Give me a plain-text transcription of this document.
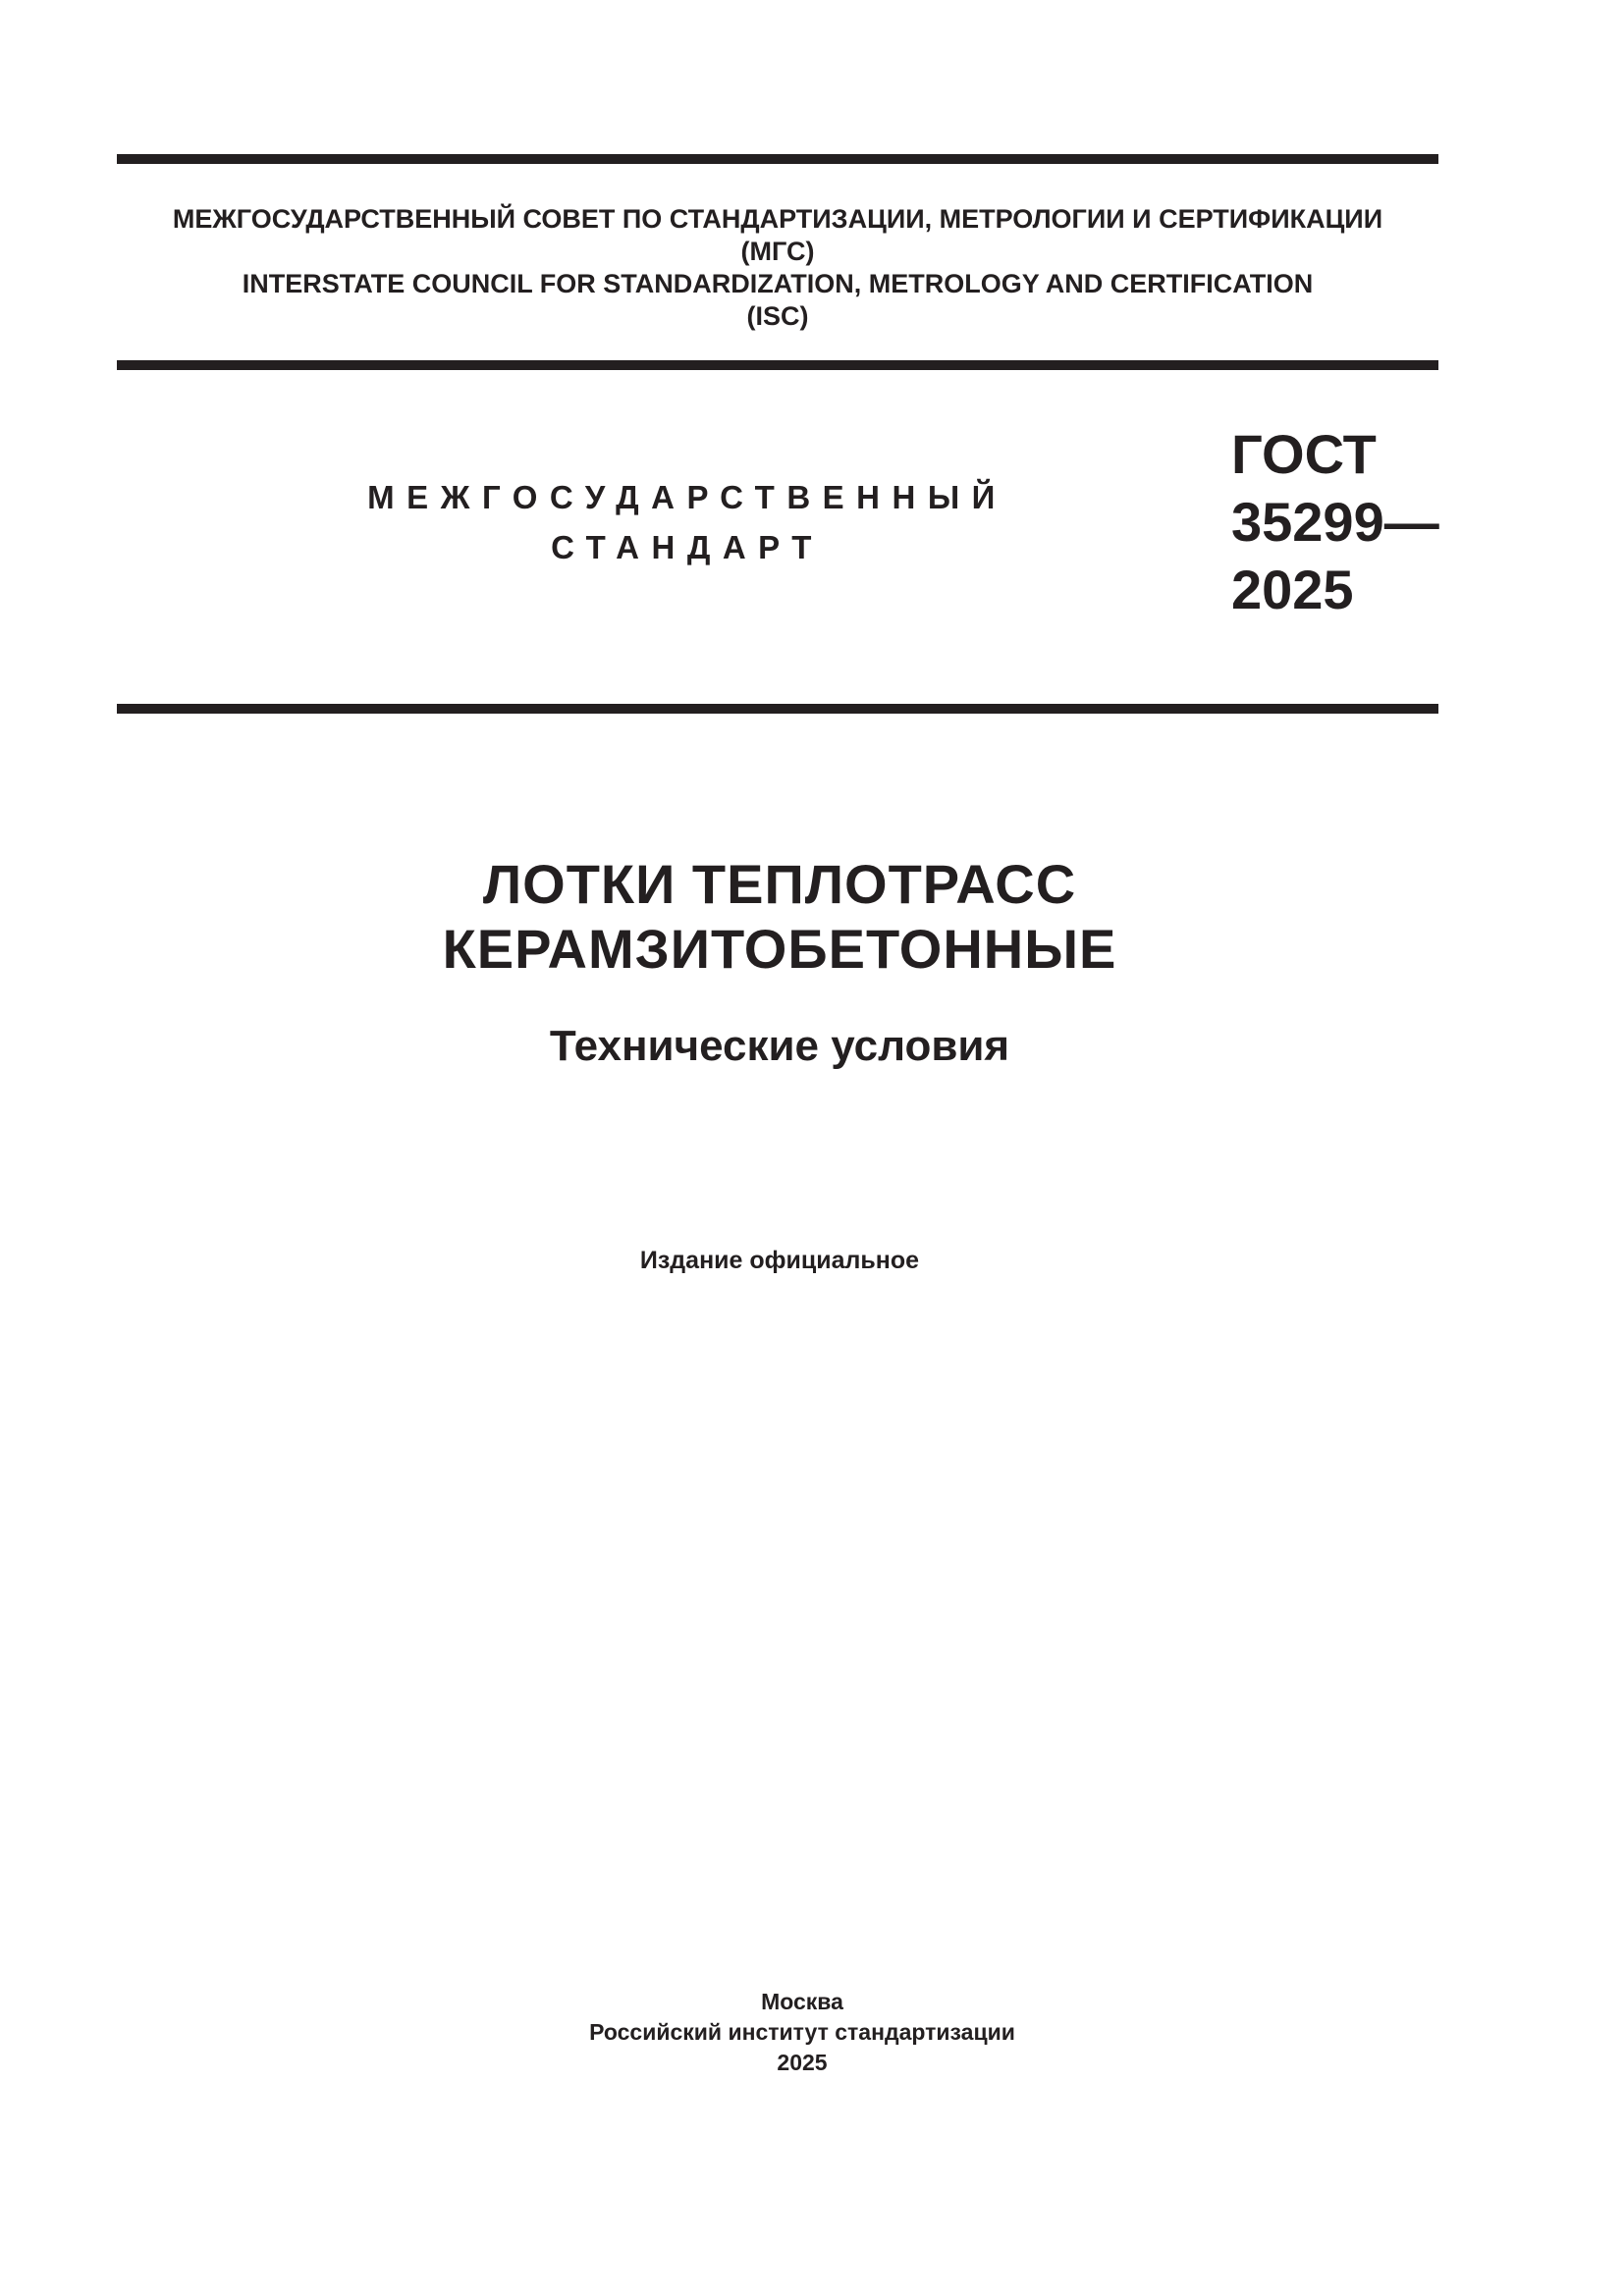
МЕЖГОСУДАРСТВЕННЫЙ СОВЕТ ПО СТАНДАРТИЗАЦИИ, МЕТРОЛОГИИ И СЕРТИФИКАЦИИ
(МГС)
INTERSTATE COUNCIL FOR STANDARDIZATION, METROLOGY AND CERTIFICATION
(ISC)
МЕЖГОСУДАРСТВЕННЫЙ
СТАНДАРТ
ГОСТ
35299—
2025
ЛОТКИ ТЕПЛОТРАСС
КЕРАМЗИТОБЕТОННЫЕ
Технические условия
Издание официальное
Москва
Российский институт стандартизации
2025
